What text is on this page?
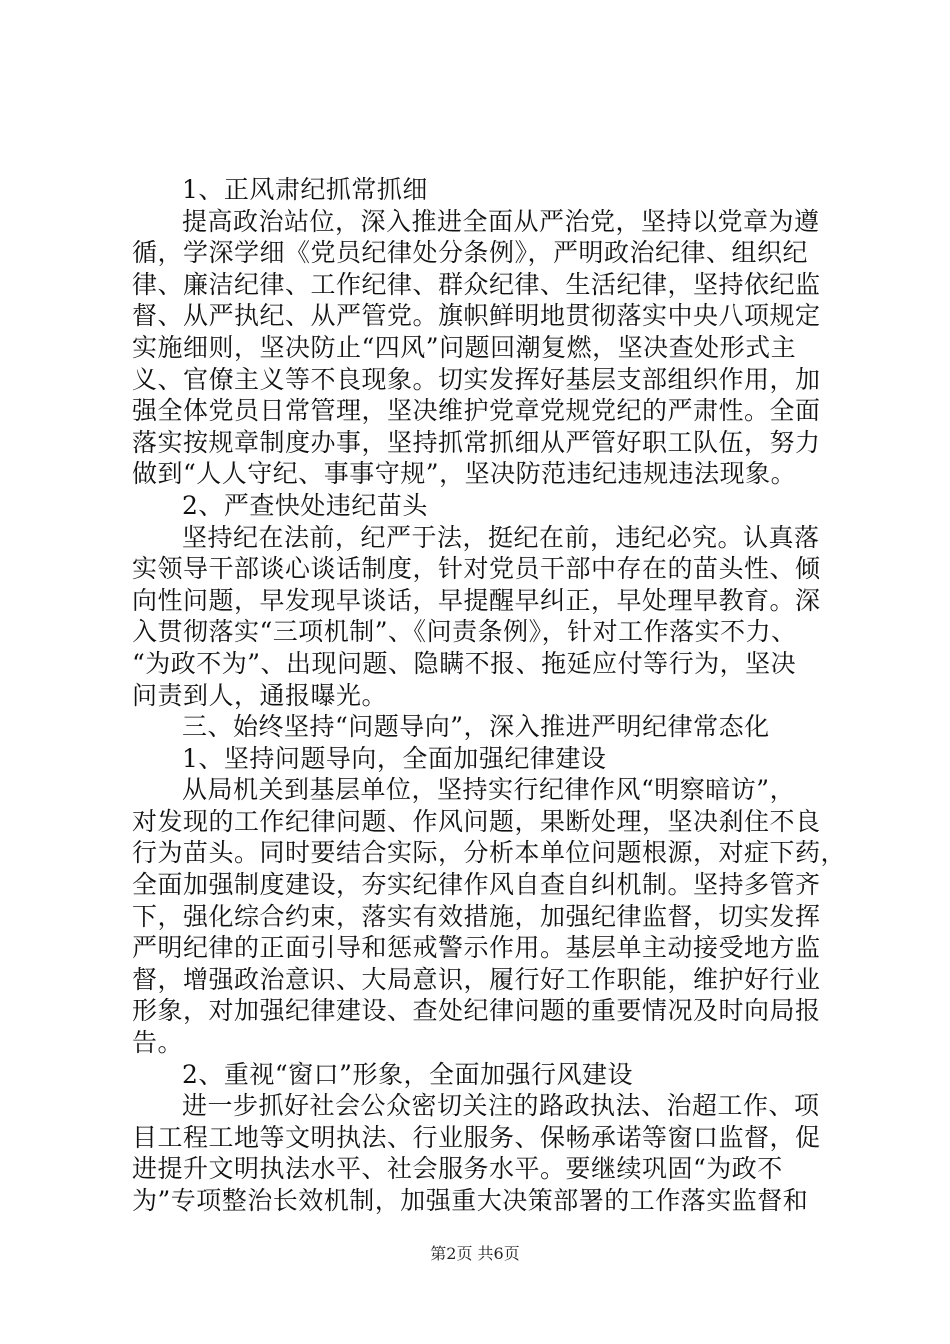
1、正风肃纪抓常抓细
提高政治站位，深入推进全面从严治党，坚持以党章为遵
循，学深学细《党员纪律处分条例》，严明政治纪律、组织纪
律、廉洁纪律、工作纪律、群众纪律、生活纪律，坚持依纪监
督、从严执纪、从严管党。旗帜鲜明地贯彻落实中央八项规定
实施细则，坚决防止“四风”问题回潮复燃，坚决查处形式主
义、官僚主义等不良现象。切实发挥好基层支部组织作用，加
强全体党员日常管理，坚决维护党章党规党纪的严肃性。全面
落实按规章制度办事，坚持抓常抓细从严管好职工队伍，努力
做到“人人守纪、事事守规”，坚决防范违纪违规违法现象。
2、严查快处违纪苗头
坚持纪在法前，纪严于法，挺纪在前，违纪必究。认真落
实领导干部谈心谈话制度，针对党员干部中存在的苗头性、倾
向性问题，早发现早谈话，早提醒早纠正，早处理早教育。深
入贯彻落实“三项机制”、《问责条例》，针对工作落实不力、
“为政不为”、出现问题、隐瞒不报、拖延应付等行为，坚决
问责到人，通报曝光。
三、始终坚持“问题导向”，深入推进严明纪律常态化
1、坚持问题导向，全面加强纪律建设
从局机关到基层单位，坚持实行纪律作风“明察暗访”，
对发现的工作纪律问题、作风问题，果断处理，坚决刹住不良
行为苗头。同时要结合实际，分析本单位问题根源，对症下药，
全面加强制度建设，夯实纪律作风自查自纠机制。坚持多管齐
下，强化综合约束，落实有效措施，加强纪律监督，切实发挥
严明纪律的正面引导和惩戒警示作用。基层单主动接受地方监
督，增强政治意识、大局意识，履行好工作职能，维护好行业
形象，对加强纪律建设、查处纪律问题的重要情况及时向局报
告。
2、重视“窗口”形象，全面加强行风建设
进一步抓好社会公众密切关注的路政执法、治超工作、项
目工程工地等文明执法、行业服务、保畅承诺等窗口监督，促
进提升文明执法水平、社会服务水平。要继续巩固“为政不
为”专项整治长效机制，加强重大决策部署的工作落实监督和
第2页 共6页
